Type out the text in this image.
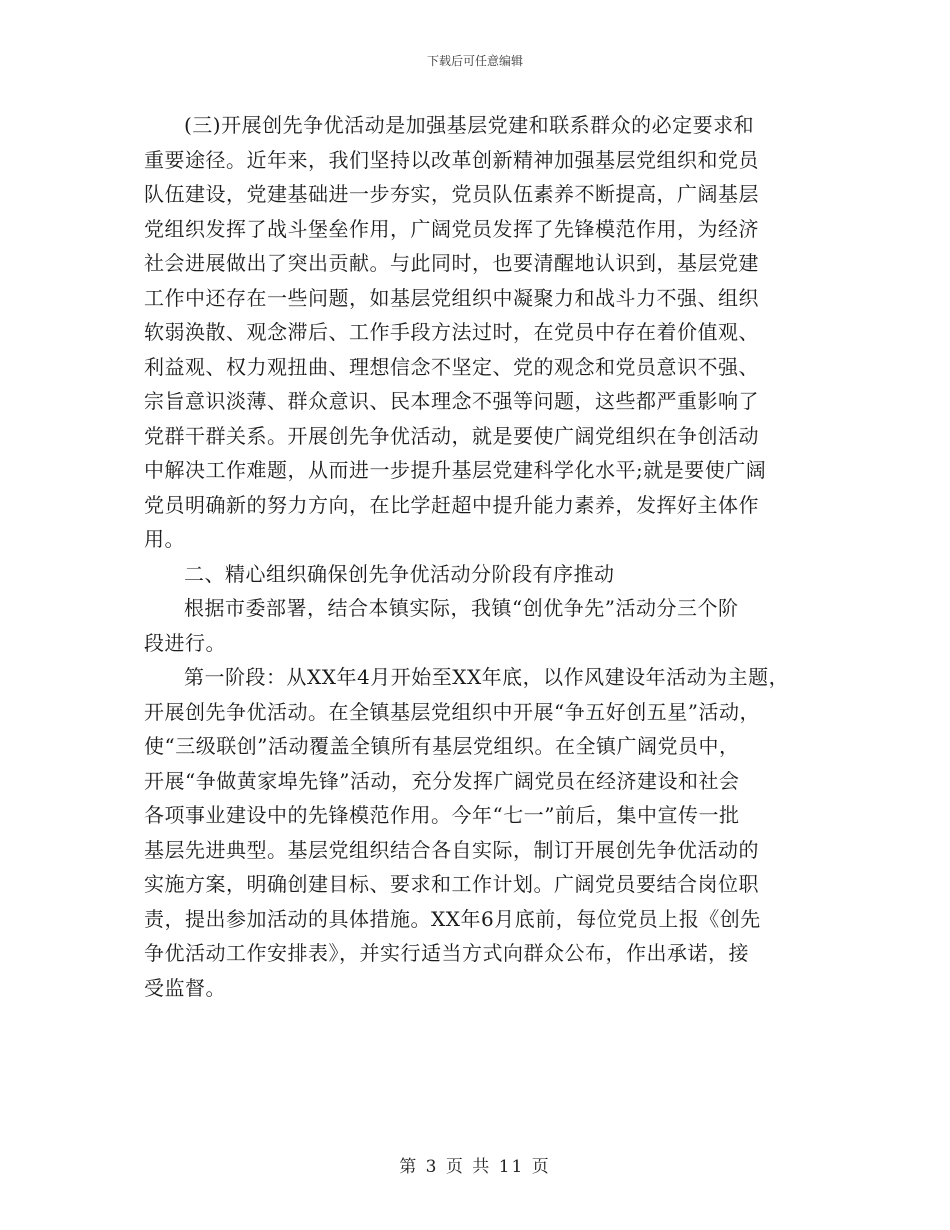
下载后可任意编辑
(三)开展创先争优活动是加强基层党建和联系群众的必定要求和
重要途径。近年来，我们坚持以改革创新精神加强基层党组织和党员
队伍建设，党建基础进一步夯实，党员队伍素养不断提高，广阔基层
党组织发挥了战斗堡垒作用，广阔党员发挥了先锋模范作用，为经济
社会进展做出了突出贡献。与此同时，也要清醒地认识到，基层党建
工作中还存在一些问题，如基层党组织中凝聚力和战斗力不强、组织
软弱涣散、观念滞后、工作手段方法过时，在党员中存在着价值观、
利益观、权力观扭曲、理想信念不坚定、党的观念和党员意识不强、
宗旨意识淡薄、群众意识、民本理念不强等问题，这些都严重影响了
党群干群关系。开展创先争优活动，就是要使广阔党组织在争创活动
中解决工作难题，从而进一步提升基层党建科学化水平;就是要使广阔
党员明确新的努力方向，在比学赶超中提升能力素养，发挥好主体作
用。
二、精心组织确保创先争优活动分阶段有序推动
根据市委部署，结合本镇实际，我镇“创优争先”活动分三个阶
段进行。
第一阶段：从XX年4月开始至XX年底，以作风建设年活动为主题，
开展创先争优活动。在全镇基层党组织中开展“争五好创五星”活动，
使“三级联创”活动覆盖全镇所有基层党组织。在全镇广阔党员中，
开展“争做黄家埠先锋”活动，充分发挥广阔党员在经济建设和社会
各项事业建设中的先锋模范作用。今年“七一”前后，集中宣传一批
基层先进典型。基层党组织结合各自实际，制订开展创先争优活动的
实施方案，明确创建目标、要求和工作计划。广阔党员要结合岗位职
责，提出参加活动的具体措施。XX年6月底前，每位党员上报《创先
争优活动工作安排表》，并实行适当方式向群众公布，作出承诺，接
受监督。
第 3 页 共 11 页
